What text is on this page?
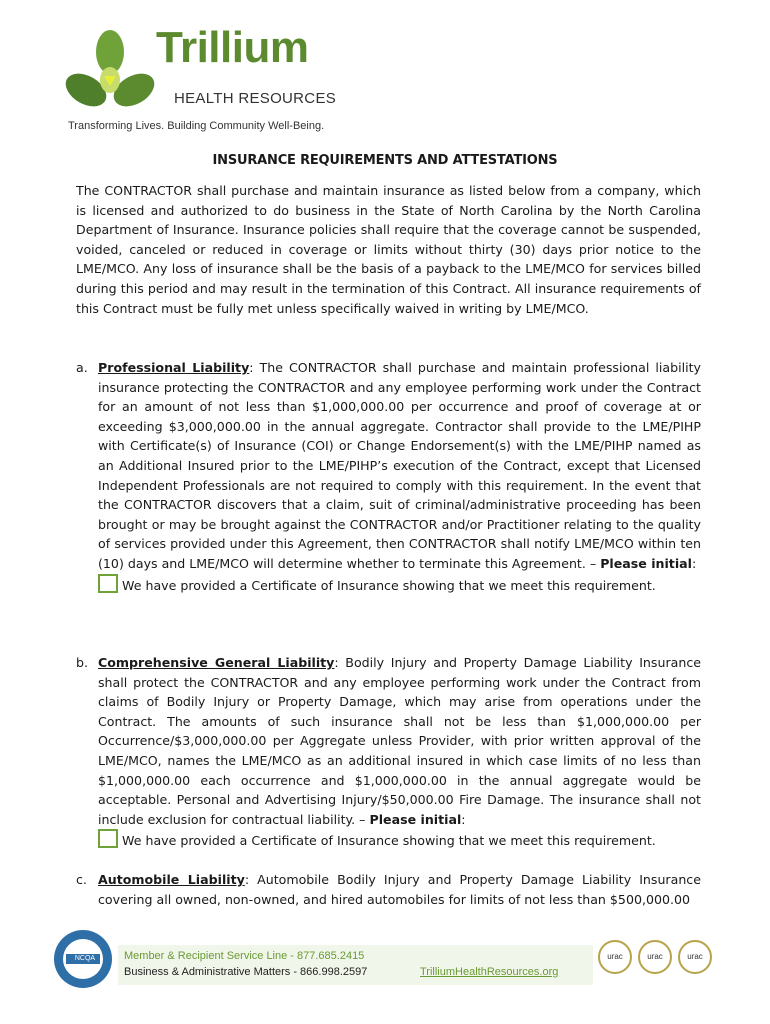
Trillium
HEALTH RESOURCES
Transforming Lives. Building Community Well-Being.
INSURANCE REQUIREMENTS AND ATTESTATIONS
The CONTRACTOR shall purchase and maintain insurance as listed below from a company, which is licensed and authorized to do business in the State of North Carolina by the North Carolina Department of Insurance. Insurance policies shall require that the coverage cannot be suspended, voided, canceled or reduced in coverage or limits without thirty (30) days prior notice to the LME/MCO. Any loss of insurance shall be the basis of a payback to the LME/MCO for services billed during this period and may result in the termination of this Contract. All insurance requirements of this Contract must be fully met unless specifically waived in writing by LME/MCO.
a. Professional Liability: The CONTRACTOR shall purchase and maintain professional liability insurance protecting the CONTRACTOR and any employee performing work under the Contract for an amount of not less than $1,000,000.00 per occurrence and proof of coverage at or exceeding $3,000,000.00 in the annual aggregate. Contractor shall provide to the LME/PIHP with Certificate(s) of Insurance (COI) or Change Endorsement(s) with the LME/PIHP named as an Additional Insured prior to the LME/PIHP’s execution of the Contract, except that Licensed Independent Professionals are not required to comply with this requirement. In the event that the CONTRACTOR discovers that a claim, suit of criminal/administrative proceeding has been brought or may be brought against the CONTRACTOR and/or Practitioner relating to the quality of services provided under this Agreement, then CONTRACTOR shall notify LME/MCO within ten (10) days and LME/MCO will determine whether to terminate this Agreement. – Please initial:
We have provided a Certificate of Insurance showing that we meet this requirement.
b. Comprehensive General Liability: Bodily Injury and Property Damage Liability Insurance shall protect the CONTRACTOR and any employee performing work under the Contract from claims of Bodily Injury or Property Damage, which may arise from operations under the Contract. The amounts of such insurance shall not be less than $1,000,000.00 per Occurrence/$3,000,000.00 per Aggregate unless Provider, with prior written approval of the LME/MCO, names the LME/MCO as an additional insured in which case limits of no less than $1,000,000.00 each occurrence and $1,000,000.00 in the annual aggregate would be acceptable. Personal and Advertising Injury/$50,000.00 Fire Damage. The insurance shall not include exclusion for contractual liability. – Please initial:
We have provided a Certificate of Insurance showing that we meet this requirement.
c. Automobile Liability: Automobile Bodily Injury and Property Damage Liability Insurance covering all owned, non-owned, and hired automobiles for limits of not less than $500,000.00
NCQA	Member & Recipient Service Line - 877.685.2415
Business & Administrative Matters - 866.998.2597	TrilliumHealthResources.org
urac	urac	urac
